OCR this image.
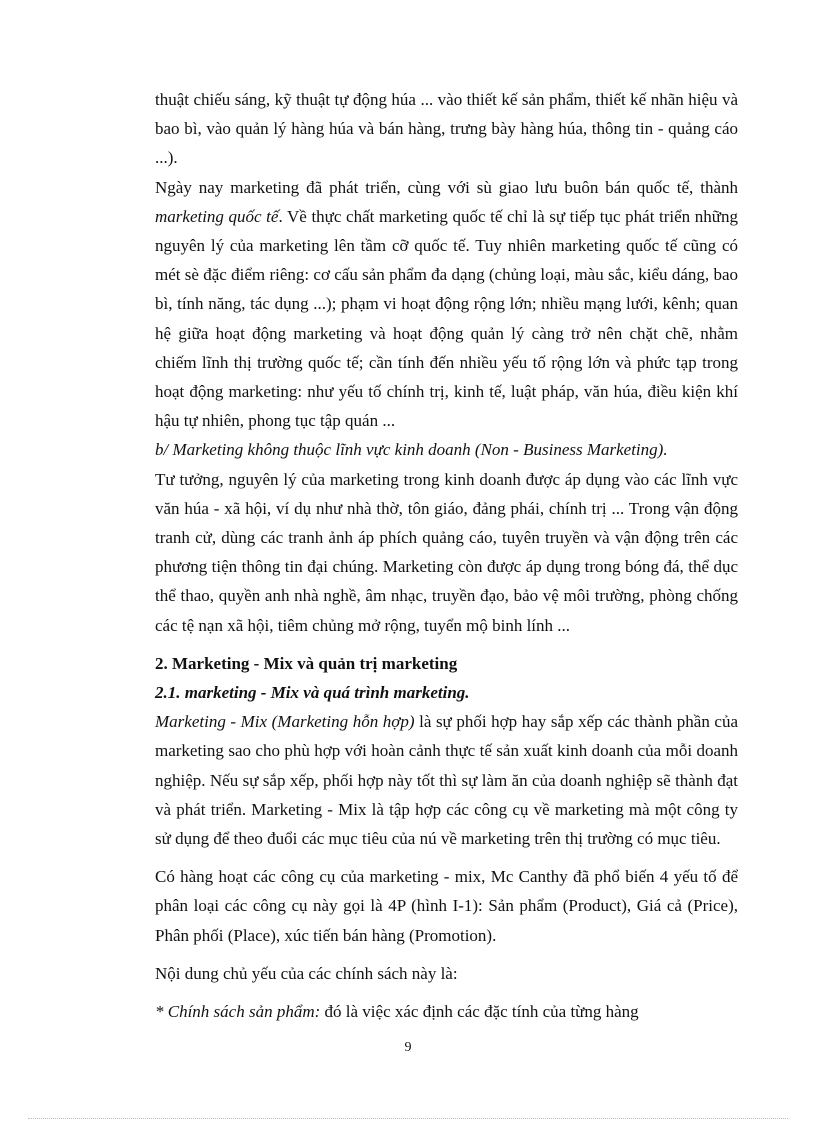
thuật chiếu sáng, kỹ thuật tự động húa ... vào thiết kế sản phẩm, thiết kế nhãn hiệu và bao bì, vào quản lý hàng húa và bán hàng, trưng bày hàng húa, thông tin - quảng cáo ...).

Ngày nay marketing đã phát triển, cùng với sù giao lưu buôn bán quốc tế, thành marketing quốc tế. Về thực chất marketing quốc tế chỉ là sự tiếp tục phát triển những nguyên lý của marketing lên tầm cỡ quốc tế. Tuy nhiên marketing quốc tế cũng có mét sè đặc điểm riêng: cơ cấu sản phẩm đa dạng (chủng loại, màu sắc, kiểu dáng, bao bì, tính năng, tác dụng ...); phạm vi hoạt động rộng lớn; nhiều mạng lưới, kênh; quan hệ giữa hoạt động marketing và hoạt động quản lý càng trở nên chặt chẽ, nhằm chiếm lĩnh thị trường quốc tế; cần tính đến nhiều yếu tố rộng lớn và phức tạp trong hoạt động marketing: như yếu tố chính trị, kinh tế, luật pháp, văn húa, điều kiện khí hậu tự nhiên, phong tục tập quán ...

b/ Marketing không thuộc lĩnh vực kinh doanh (Non - Business Marketing).

Tư tưởng, nguyên lý của marketing trong kinh doanh được áp dụng vào các lĩnh vực văn húa - xã hội, ví dụ như nhà thờ, tôn giáo, đảng phái, chính trị ... Trong vận động tranh cử, dùng các tranh ảnh áp phích quảng cáo, tuyên truyền và vận động trên các phương tiện thông tin đại chúng. Marketing còn được áp dụng trong bóng đá, thể dục thể thao, quyền anh nhà nghề, âm nhạc, truyền đạo, bảo vệ môi trường, phòng chống các tệ nạn xã hội, tiêm chủng mở rộng, tuyển mộ binh lính ...

2. Marketing - Mix và quản trị marketing

2.1. marketing - Mix và quá trình marketing.

Marketing - Mix (Marketing hỗn hợp) là sự phối hợp hay sắp xếp các thành phần của marketing sao cho phù hợp với hoàn cảnh thực tế sản xuất kinh doanh của mỗi doanh nghiệp. Nếu sự sắp xếp, phối hợp này tốt thì sự làm ăn của doanh nghiệp sẽ thành đạt và phát triển. Marketing - Mix là tập hợp các công cụ về marketing mà một công ty sử dụng để theo đuổi các mục tiêu của nú về marketing trên thị trường có mục tiêu.

Có hàng hoạt các công cụ của marketing - mix, Mc Canthy đã phổ biến 4 yếu tố để phân loại các công cụ này gọi là 4P (hình I-1): Sản phẩm (Product), Giá cả (Price), Phân phối (Place), xúc tiến bán hàng (Promotion).

Nội dung chủ yếu của các chính sách này là:

* Chính sách sản phẩm: đó là việc xác định các đặc tính của từng hàng

9
